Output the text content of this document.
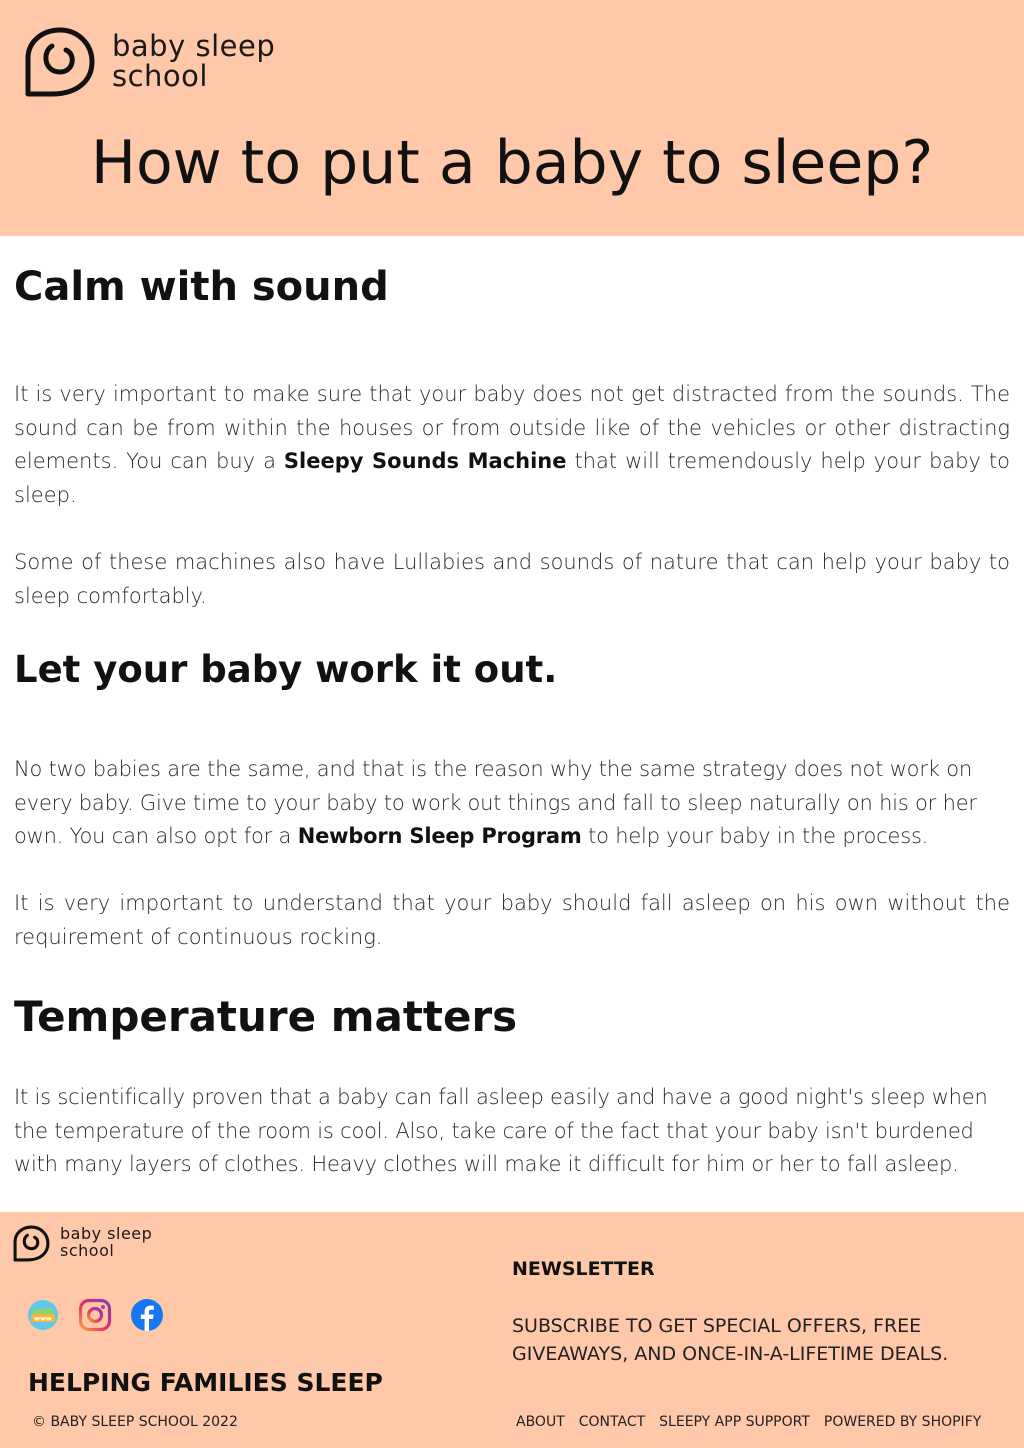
baby sleep
school
How to put a baby to sleep?
Calm with sound

It is very important to make sure that your baby does not get distracted from the sounds. The sound can be from within the houses or from outside like of the vehicles or other distracting elements. You can buy a Sleepy Sounds Machine that will tremendously help your baby to sleep.

Some of these machines also have Lullabies and sounds of nature that can help your baby to sleep comfortably.

Let your baby work it out.

No two babies are the same, and that is the reason why the same strategy does not work on every baby. Give time to your baby to work out things and fall to sleep naturally on his or her own. You can also opt for a Newborn Sleep Program to help your baby in the process.

It is very important to understand that your baby should fall asleep on his own without the requirement of continuous rocking.

Temperature matters

It is scientifically proven that a baby can fall asleep easily and have a good night's sleep when the temperature of the room is cool. Also, take care of the fact that your baby isn't burdened with many layers of clothes. Heavy clothes will make it difficult for him or her to fall asleep.

baby sleep
school
www
HELPING FAMILIES SLEEP
© BABY SLEEP SCHOOL 2022
NEWSLETTER
SUBSCRIBE TO GET SPECIAL OFFERS, FREE GIVEAWAYS, AND ONCE-IN-A-LIFETIME DEALS.
ABOUT CONTACT SLEEPY APP SUPPORT POWERED BY SHOPIFY
